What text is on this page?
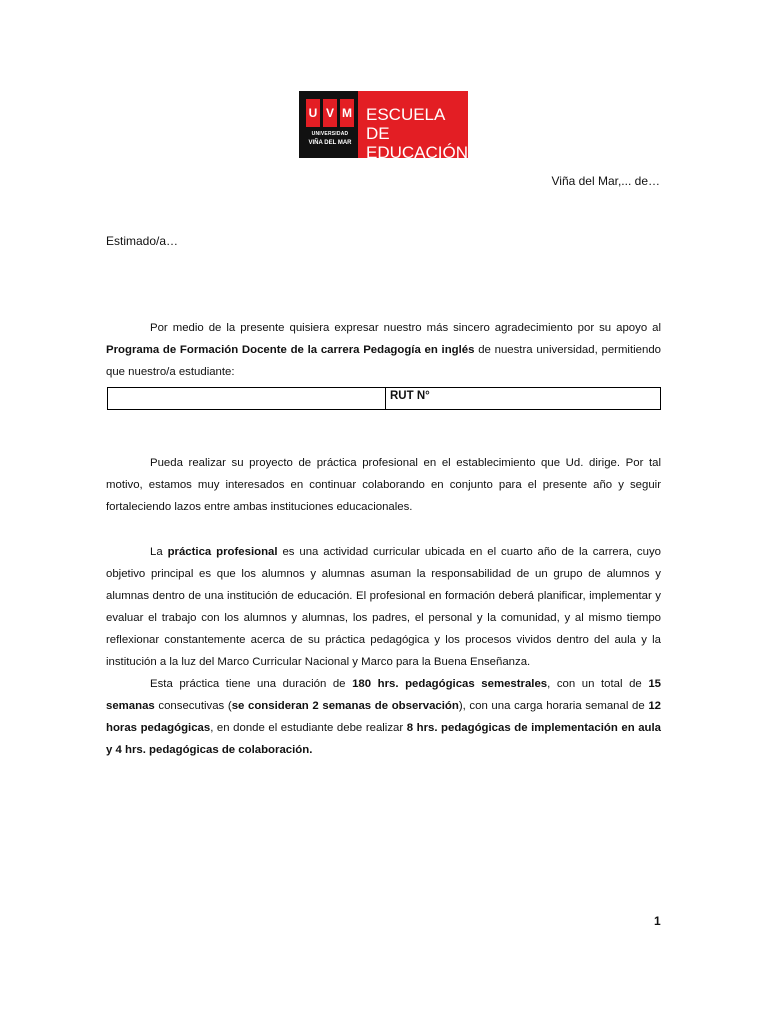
U V M
UNIVERSIDAD
VIÑA DEL MAR
ESCUELA DE
EDUCACIÓN
Viña del Mar,... de…
Estimado/a…

Por medio de la presente quisiera expresar nuestro más sincero agradecimiento por su apoyo al Programa de Formación Docente de la carrera Pedagogía en inglés de nuestra universidad, permitiendo que nuestro/a estudiante:

RUT N°

Pueda realizar su proyecto de práctica profesional en el establecimiento que Ud. dirige. Por tal motivo, estamos muy interesados en continuar colaborando en conjunto para el presente año y seguir fortaleciendo lazos entre ambas instituciones educacionales.

La práctica profesional es una actividad curricular ubicada en el cuarto año de la carrera, cuyo objetivo principal es que los alumnos y alumnas asuman la responsabilidad de un grupo de alumnos y alumnas dentro de una institución de educación. El profesional en formación deberá planificar, implementar y evaluar el trabajo con los alumnos y alumnas, los padres, el personal y la comunidad, y al mismo tiempo reflexionar constantemente acerca de su práctica pedagógica y los procesos vividos dentro del aula y la institución a la luz del Marco Curricular Nacional y Marco para la Buena Enseñanza.

Esta práctica tiene una duración de 180 hrs. pedagógicas semestrales, con un total de 15 semanas consecutivas (se consideran 2 semanas de observación), con una carga horaria semanal de 12 horas pedagógicas, en donde el estudiante debe realizar 8 hrs. pedagógicas de implementación en aula y 4 hrs. pedagógicas de colaboración.

1
